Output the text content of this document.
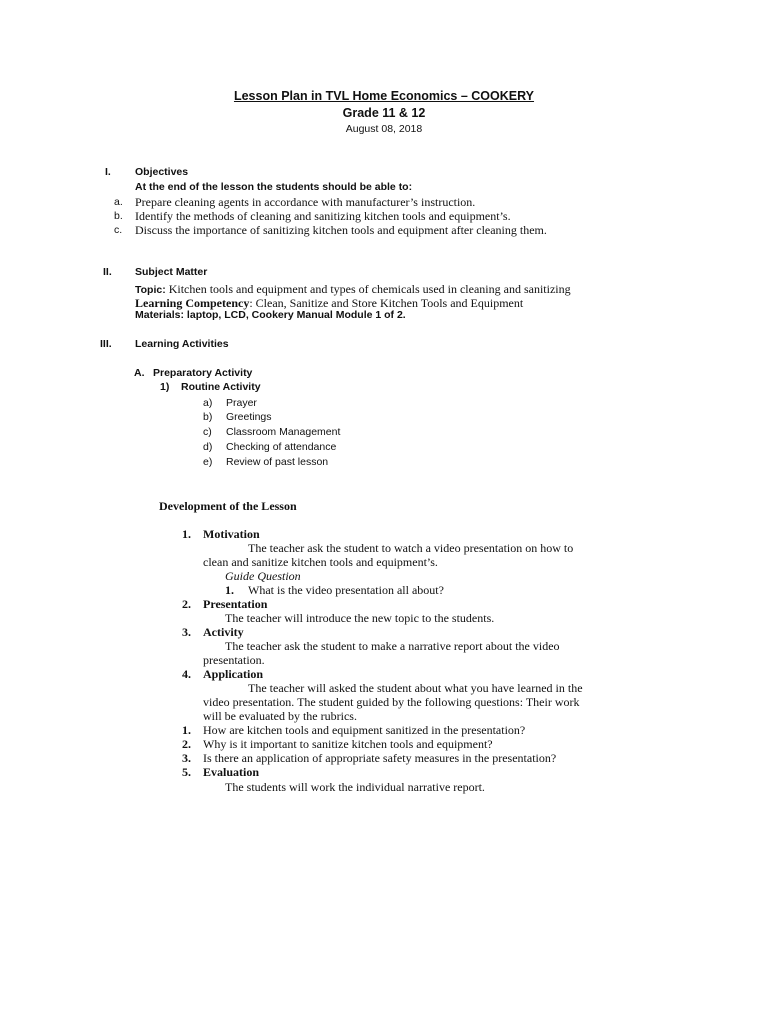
Lesson Plan in TVL Home Economics – COOKERY
Grade 11 & 12
August 08, 2018
I. Objectives
At the end of the lesson the students should be able to:
a. Prepare cleaning agents in accordance with manufacturer’s instruction.
b. Identify the methods of cleaning and sanitizing kitchen tools and equipment’s.
c. Discuss the importance of sanitizing kitchen tools and equipment after cleaning them.
II. Subject Matter
Topic: Kitchen tools and equipment and types of chemicals used in cleaning and sanitizing
Learning Competency: Clean, Sanitize and Store Kitchen Tools and Equipment
Materials: laptop, LCD, Cookery Manual Module 1 of 2.
III. Learning Activities
A. Preparatory Activity
1) Routine Activity
a) Prayer
b) Greetings
c) Classroom Management
d) Checking of attendance
e) Review of past lesson
Development of the Lesson
1. Motivation
The teacher ask the student to watch a video presentation on how to
clean and sanitize kitchen tools and equipment’s.
Guide Question
1. What is the video presentation all about?
2. Presentation
The teacher will introduce the new topic to the students.
3. Activity
The teacher ask the student to make a narrative report about the video
presentation.
4. Application
The teacher will asked the student about what you have learned in the
video presentation. The student guided by the following questions: Their work
will be evaluated by the rubrics.
1. How are kitchen tools and equipment sanitized in the presentation?
2. Why is it important to sanitize kitchen tools and equipment?
3. Is there an application of appropriate safety measures in the presentation?
5. Evaluation
The students will work the individual narrative report.
